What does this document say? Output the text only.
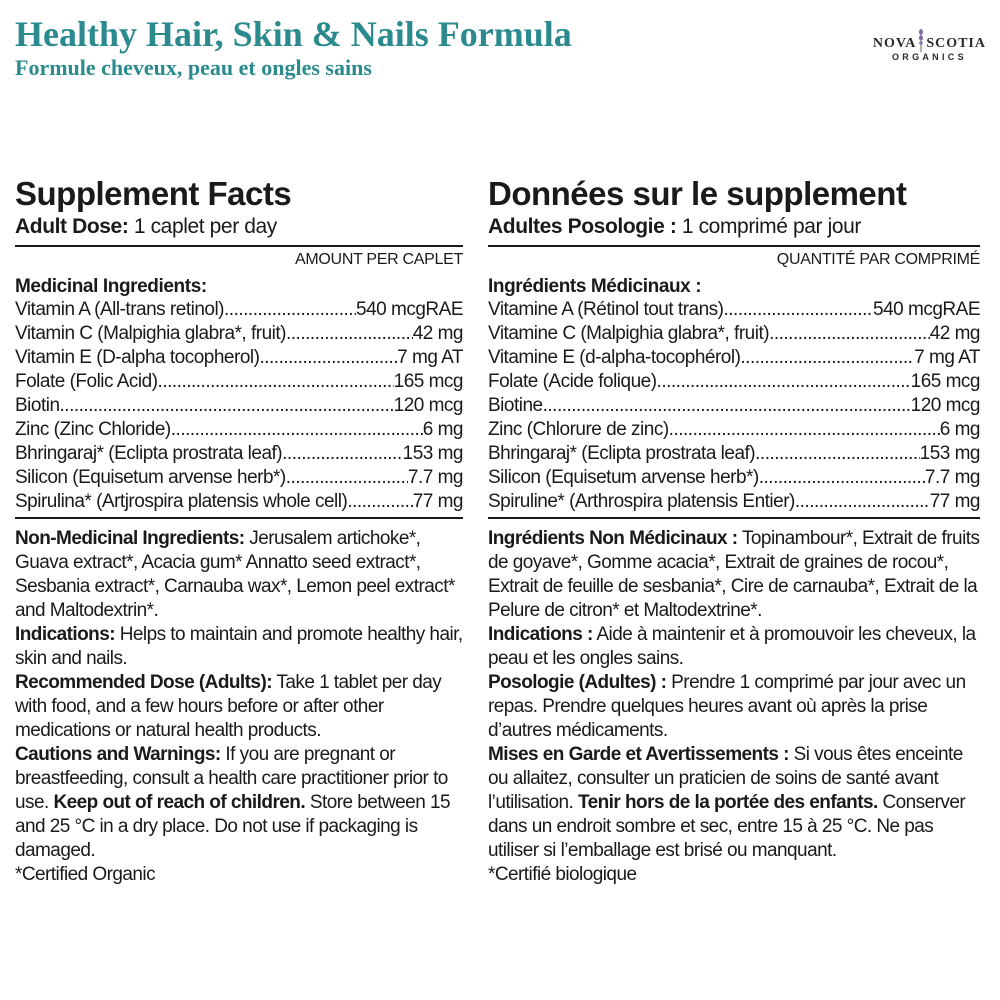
Healthy Hair, Skin & Nails Formula
Formule cheveux, peau et ongles sains
NOVA SCOTIA
ORGANICS
Supplement Facts
Adult Dose: 1 caplet per day
AMOUNT PER CAPLET
Medicinal Ingredients:
Vitamin A (All-trans retinol) .....	540 mcgRAE
Vitamin C (Malpighia glabra*, fruit) .....	42 mg
Vitamin E (D-alpha tocopherol) .....	7 mg AT
Folate (Folic Acid) .....	165 mcg
Biotin .....	120 mcg
Zinc (Zinc Chloride) .....	6 mg
Bhringaraj* (Eclipta prostrata leaf) .....	153 mg
Silicon (Equisetum arvense herb*) .....	7.7 mg
Spirulina* (Artjrospira platensis whole cell) .....	77 mg

Non-Medicinal Ingredients: Jerusalem artichoke*, Guava extract*, Acacia gum* Annatto seed extract*, Sesbania extract*, Carnauba wax*, Lemon peel extract* and Maltodextrin*.

Indications: Helps to maintain and promote healthy hair, skin and nails.

Recommended Dose (Adults): Take 1 tablet per day with food, and a few hours before or after other medications or natural health products.

Cautions and Warnings: If you are pregnant or breastfeeding, consult a health care practitioner prior to use. Keep out of reach of children. Store between 15 and 25 °C in a dry place. Do not use if packaging is damaged.

*Certified Organic

Données sur le supplement
Adultes Posologie : 1 comprimé par jour
QUANTITÉ PAR COMPRIMÉ
Ingrédients Médicinaux :
Vitamine A (Rétinol tout trans) .....	540 mcgRAE
Vitamine C (Malpighia glabra*, fruit) .....	42 mg
Vitamine E (d-alpha-tocophérol) .....	7 mg AT
Folate (Acide folique) .....	165 mcg
Biotine .....	120 mcg
Zinc (Chlorure de zinc) .....	6 mg
Bhringaraj* (Eclipta prostrata leaf) .....	153 mg
Silicon (Equisetum arvense herb*) .....	7.7 mg
Spiruline* (Arthrospira platensis Entier) .....	77 mg

Ingrédients Non Médicinaux : Topinambour*, Extrait de fruits de goyave*, Gomme acacia*, Extrait de graines de rocou*, Extrait de feuille de sesbania*, Cire de carnauba*, Extrait de la Pelure de citron* et Maltodextrine*.

Indications : Aide à maintenir et à promouvoir les cheveux, la peau et les ongles sains.

Posologie (Adultes) : Prendre 1 comprimé par jour avec un repas. Prendre quelques heures avant où après la prise d’autres médicaments.

Mises en Garde et Avertissements : Si vous êtes enceinte ou allaitez, consulter un praticien de soins de santé avant l’utilisation. Tenir hors de la portée des enfants. Conserver dans un endroit sombre et sec, entre 15 à 25 °C. Ne pas utiliser si l’emballage est brisé ou manquant.

*Certifié biologique
